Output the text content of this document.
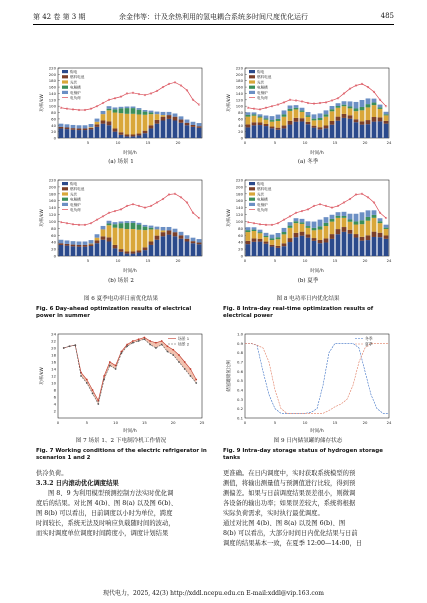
第 42 卷 第 3 期	余金伟等：计及余热利用的氢电耦合系统多时间尺度优化运行	485
0
20
40
60
80
100
120
140
160
180
200
220
功率/kW
时间/h
5	10	15	20
购电
燃料电池
光伏
电解槽
电锅炉
电负荷
(a) 场景 1
0
20
40
60
80
100
120
140
160
180
200
220
功率/kW
时间/h
5	10	15	20
购电
燃料电池
光伏
电解槽
电锅炉
电负荷
(b) 场景 2
图 6 夏季电功率日前优化结果
Fig. 6 Day-ahead optimization results of electrical power in summer
0
20
40
60
80
100
120
140
160
180
200
220
功率/kW
时间/h
0	5	10	15	20	24
购电
燃料电池
光伏
电解槽
电锅炉
电负荷
(a) 冬季
0
20
40
60
80
100
120
140
160
180
200
220
功率/kW
时间/h
0	5	10	15	20	24
购电
燃料电池
光伏
电解槽
电锅炉
电负荷
(b) 夏季
图 8 电功率日内优化结果
Fig. 8 Intra-day real-time optimization results of electrical power
2
4
6
8
10
12
14
16
18
20
22
24
0	5	10	15	20	25
功率/kW
时间/h
场景 1
场景 2
图 7 场景 1、2 下电制冷机工作情况
Fig. 7 Working conditions of the electric refrigerator in scenarios 1 and 2
0.1
0.2
0.3
0.4
0.5
0.6
0.7
0.8
0.9
1.0
0	5	10	15	20	24
储氢罐储氢比例
时间/h
冬季
夏季
图 9 日内储氢罐的储存状态
Fig. 9 Intra-day storage status of hydrogen storage tanks
供冷负荷。
3.3.2 日内滚动优化调度结果
图 8、9 为利用模型预测控制方法实时优化调
度后的结果。对比图 4(b)、图 8(a) 以及图 6(b)、
图 8(b) 可以看出，日前调度以小时为单位，跨度
时间较长，系统无法及时响应负载随时间的波动，
而实时调度单位调度时间跨度小，调度计划结果
更准确。在日内调度中，实时获取系统模型的预
测值，将输出测量值与预测值进行比较，得到预
测偏差。如果与日前调度结果误差很小，则微调
各设备的输出功率；如果误差较大，系统将根据
实际负荷需求，实时执行最优调度。
通过对比图 4(b)、图 8(a) 以及图 6(b)、图
8(b) 可以看出，大部分时间日内优化结果与日前
调度的结果基本一致，在夏季 12:00—14:00，日
现代电力，2025, 42(3) http://xddl.ncepu.edu.cn E-mail:xddl@vip.163.com
